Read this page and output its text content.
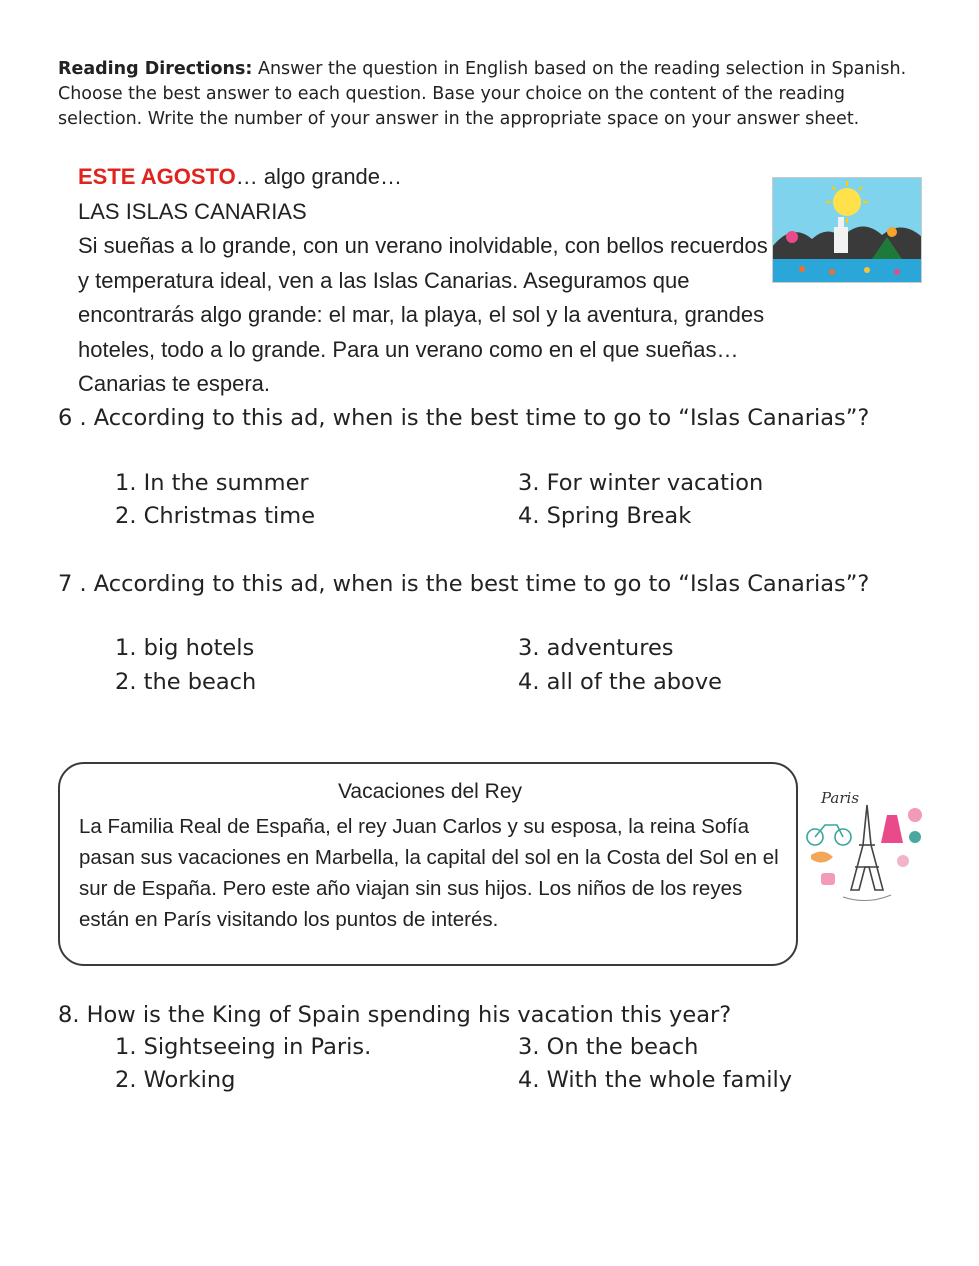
Reading Directions: Answer the question in English based on the reading selection in Spanish. Choose the best answer to each question. Base your choice on the content of the reading selection. Write the number of your answer in the appropriate space on your answer sheet.
ESTE AGOSTO… algo grande…
LAS ISLAS CANARIAS
Si sueñas a lo grande, con un verano inolvidable, con bellos recuerdos y temperatura ideal, ven a las Islas Canarias. Aseguramos que encontrarás algo grande: el mar, la playa, el sol y la aventura, grandes hoteles, todo a lo grande. Para un verano como en el que sueñas…Canarias te espera.
6 . According to this ad, when is the best time to go to “Islas Canarias”?
1. In the summer
2. Christmas time
3. For winter vacation
4. Spring Break
7 . According to this ad, when is the best time to go to “Islas Canarias”?
1. big hotels
2. the beach
3. adventures
4. all of the above
Vacaciones del Rey
La Familia Real de España, el rey Juan Carlos y su esposa, la reina Sofía pasan sus vacaciones en Marbella, la capital del sol en la Costa del Sol en el sur de España. Pero este año viajan sin sus hijos. Los niños de los reyes están en París visitando los puntos de interés.
Paris
8. How is the King of Spain spending his vacation this year?
1. Sightseeing in Paris.
2. Working
3. On the beach
4. With the whole family
